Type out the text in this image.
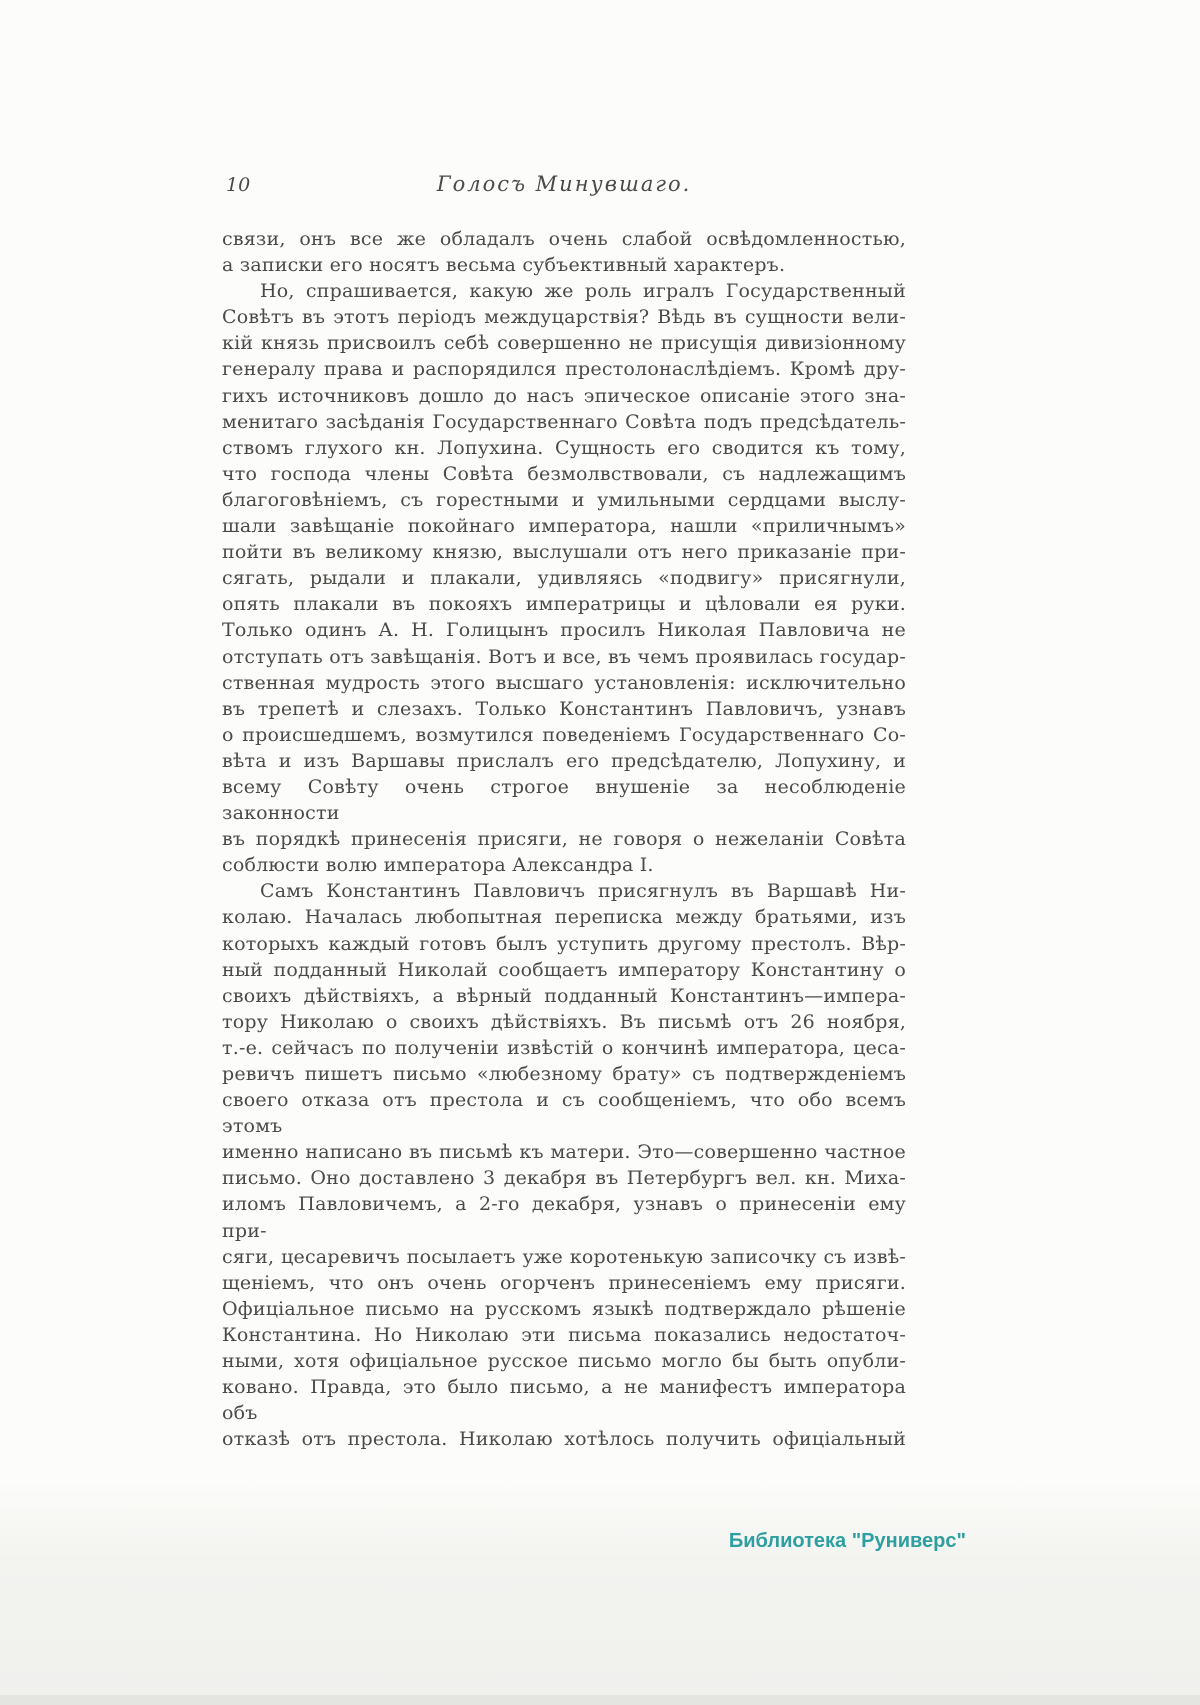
10	Голосъ Минувшаго.
связи, онъ все же обладалъ очень слабой освѣдомленностью,
а записки его носятъ весьма субъективный характеръ.
Но, спрашивается, какую же роль игралъ Государственный
Совѣтъ въ этотъ періодъ междуцарствія? Вѣдь въ сущности вели-
кій князь присвоилъ себѣ совершенно не присущія дивизіонному
генералу права и распорядился престолонаслѣдіемъ. Кромѣ дру-
гихъ источниковъ дошло до насъ эпическое описаніе этого зна-
менитаго засѣданія Государственнаго Совѣта подъ предсѣдатель-
ствомъ глухого кн. Лопухина. Сущность его сводится къ тому,
что господа члены Совѣта безмолвствовали, съ надлежащимъ
благоговѣніемъ, съ горестными и умильными сердцами выслу-
шали завѣщаніе покойнаго императора, нашли «приличнымъ»
пойти въ великому князю, выслушали отъ него приказаніе при-
сягать, рыдали и плакали, удивляясь «подвигу» присягнули,
опять плакали въ покояхъ императрицы и цѣловали ея руки.
Только одинъ А. Н. Голицынъ просилъ Николая Павловича не
отступать отъ завѣщанія. Вотъ и все, въ чемъ проявилась государ-
ственная мудрость этого высшаго установленія: исключительно
въ трепетѣ и слезахъ. Только Константинъ Павловичъ, узнавъ
о происшедшемъ, возмутился поведеніемъ Государственнаго Со-
вѣта и изъ Варшавы прислалъ его предсѣдателю, Лопухину, и
всему Совѣту очень строгое внушеніе за несоблюденіе законности
въ порядкѣ принесенія присяги, не говоря о нежеланіи Совѣта
соблюсти волю императора Александра I.
Самъ Константинъ Павловичъ присягнулъ въ Варшавѣ Ни-
колаю. Началась любопытная переписка между братьями, изъ
которыхъ каждый готовъ былъ уступить другому престолъ. Вѣр-
ный подданный Николай сообщаетъ императору Константину о
своихъ дѣйствіяхъ, а вѣрный подданный Константинъ—импера-
тору Николаю о своихъ дѣйствіяхъ. Въ письмѣ отъ 26 ноября,
т.-е. сейчасъ по полученіи извѣстій о кончинѣ императора, цеса-
ревичъ пишетъ письмо «любезному брату» съ подтвержденіемъ
своего отказа отъ престола и съ сообщеніемъ, что обо всемъ этомъ
именно написано въ письмѣ къ матери. Это—совершенно частное
письмо. Оно доставлено 3 декабря въ Петербургъ вел. кн. Миха-
иломъ Павловичемъ, а 2-го декабря, узнавъ о принесеніи ему при-
сяги, цесаревичъ посылаетъ уже коротенькую записочку съ извѣ-
щеніемъ, что онъ очень огорченъ принесеніемъ ему присяги.
Офиціальное письмо на русскомъ языкѣ подтверждало рѣшеніе
Константина. Но Николаю эти письма показались недостаточ-
ными, хотя офиціальное русское письмо могло бы быть опубли-
ковано. Правда, это было письмо, а не манифестъ императора объ
отказѣ отъ престола. Николаю хотѣлось получить офиціальный
Библиотека "Руниверс"
